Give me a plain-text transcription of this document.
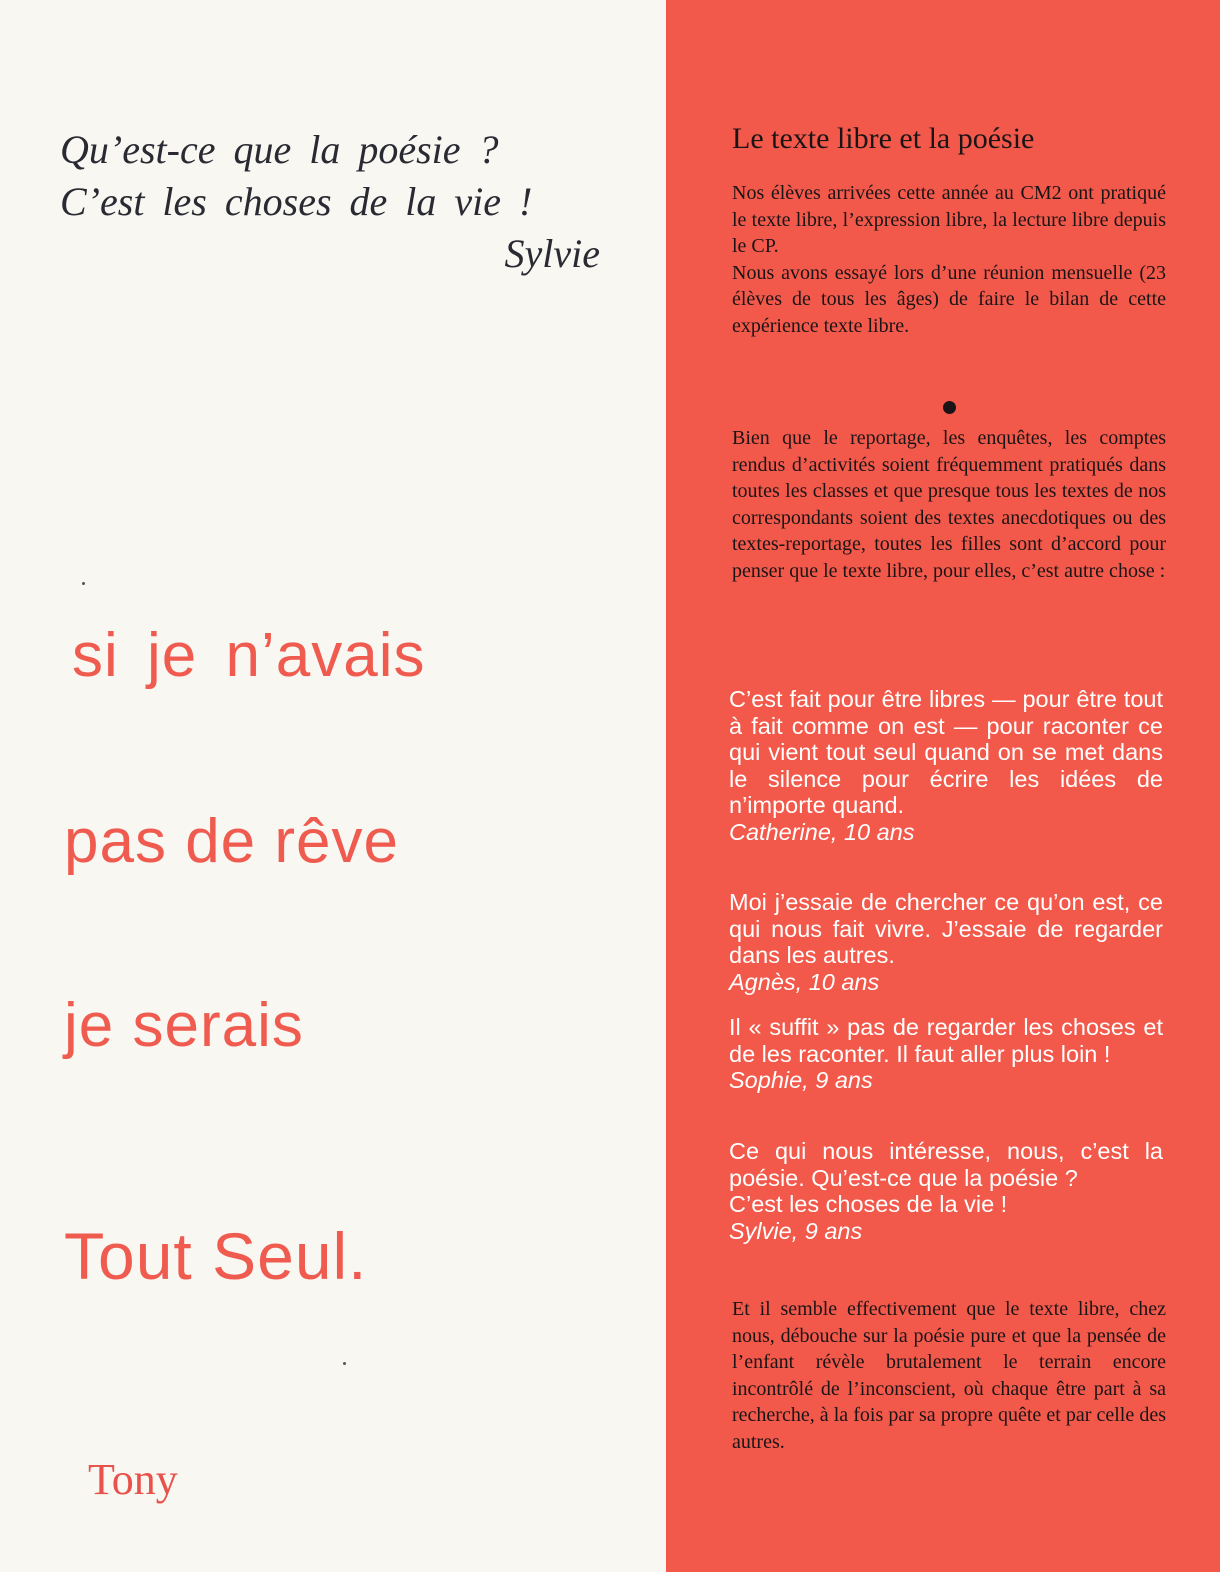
Qu’est-ce que la poésie ?
C’est les choses de la vie !
Sylvie
si je n’avais
pas de rêve
je serais
Tout Seul.
Tony
Le texte libre et la poésie
Nos élèves arrivées cette année au CM2 ont pratiqué le texte libre, l’expression libre, la lecture libre depuis le CP.
Nous avons essayé lors d’une réunion mensuelle (23 élèves de tous les âges) de faire le bilan de cette expérience texte libre.
Bien que le reportage, les enquêtes, les comptes rendus d’activités soient fréquemment pratiqués dans toutes les classes et que presque tous les textes de nos correspondants soient des textes anecdotiques ou des textes-reportage, toutes les filles sont d’accord pour penser que le texte libre, pour elles, c’est autre chose :
C’est fait pour être libres — pour être tout à fait comme on est — pour raconter ce qui vient tout seul quand on se met dans le silence pour écrire les idées de n’importe quand.
Catherine, 10 ans
Moi j’essaie de chercher ce qu’on est, ce qui nous fait vivre. J’essaie de regarder dans les autres.
Agnès, 10 ans
Il « suffit » pas de regarder les choses et de les raconter. Il faut aller plus loin !
Sophie, 9 ans
Ce qui nous intéresse, nous, c’est la poésie. Qu’est-ce que la poésie ?
C’est les choses de la vie !
Sylvie, 9 ans
Et il semble effectivement que le texte libre, chez nous, débouche sur la poésie pure et que la pensée de l’enfant révèle brutalement le terrain encore incontrôlé de l’inconscient, où chaque être part à sa recherche, à la fois par sa propre quête et par celle des autres.
